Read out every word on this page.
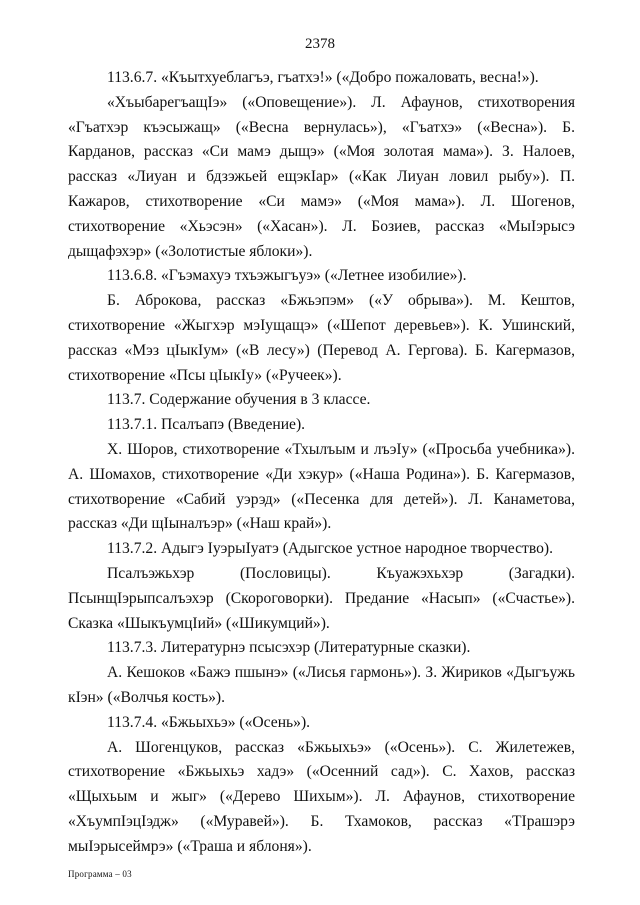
2378

113.6.7. «Къытхуеблагъэ, гъатхэ!» («Добро пожаловать, весна!»).

«ХъыбарегъащIэ» («Оповещение»). Л. Афаунов, стихотворения «Гъатхэр къэсыжащ» («Весна вернулась»), «Гъатхэ» («Весна»). Б. Карданов, рассказ «Си мамэ дыщэ» («Моя золотая мама»). З. Налоев, рассказ «Лиуан и бдзэжьей ещэкIар» («Как Лиуан ловил рыбу»). П. Кажаров, стихотворение «Си мамэ» («Моя мама»). Л. Шогенов, стихотворение «Хьэсэн» («Хасан»). Л. Бозиев, рассказ «МыIэрысэ дыщафэхэр» («Золотистые яблоки»).

113.6.8. «Гъэмахуэ тхъэжыгъуэ» («Летнее изобилие»).

Б. Аброкова, рассказ «Бжьэпэм» («У обрыва»). М. Кештов, стихотворение «Жыгхэр мэIущащэ» («Шепот деревьев»). К. Ушинский, рассказ «Мэз цIыкIум» («В лесу») (Перевод А. Гергова). Б. Кагермазов, стихотворение «Псы цIыкIу» («Ручеек»).

113.7. Содержание обучения в 3 классе.

113.7.1. Псалъапэ (Введение).

Х. Шоров, стихотворение «Тхылъым и лъэIу» («Просьба учебника»). А. Шомахов, стихотворение «Ди хэкур» («Наша Родина»). Б. Кагермазов, стихотворение «Сабий уэрэд» («Песенка для детей»). Л. Канаметова, рассказ «Ди щIыналъэр» («Наш край»).

113.7.2. Адыгэ IуэрыIуатэ (Адыгское устное народное творчество).

Псалъэжьхэр (Пословицы). Къуажэхьхэр (Загадки). ПсынщIэрыпсалъэхэр (Скороговорки). Предание «Насып» («Счастье»). Сказка «ШыкъумцIий» («Шикумций»).

113.7.3. Литературнэ псысэхэр (Литературные сказки).

А. Кешоков «Бажэ пшынэ» («Лисья гармонь»). З. Жириков «Дыгъужь кIэн» («Волчья кость»).

113.7.4. «Бжьыхьэ» («Осень»).

А. Шогенцуков, рассказ «Бжьыхьэ» («Осень»). С. Жилетежев, стихотворение «Бжьыхьэ хадэ» («Осенний сад»). С. Хахов, рассказ «Щыхьым и жыг» («Дерево Шихым»). Л. Афаунов, стихотворение «ХъумпIэцIэдж» («Муравей»). Б. Тхамоков, рассказ «ТIрашэрэ мыIэрысеймрэ» («Траша и яблоня»).

Программа – 03
